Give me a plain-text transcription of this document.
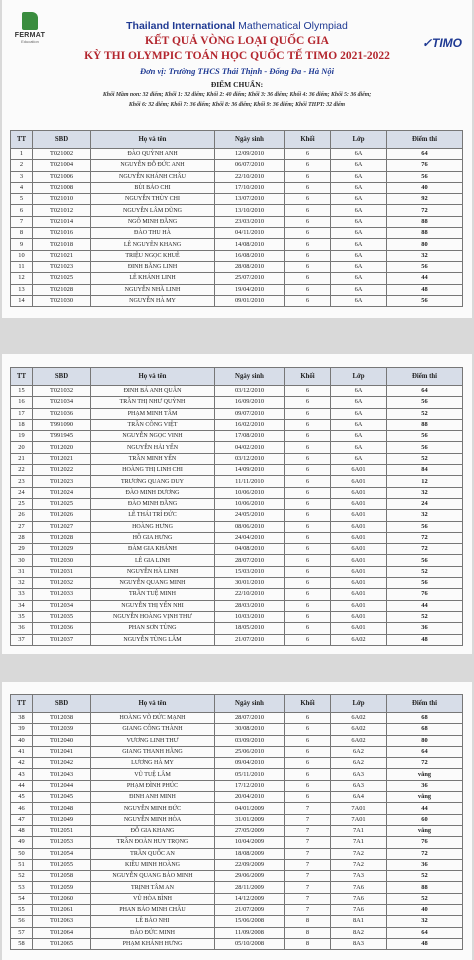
FERMAT
Education
Thailand International Mathematical Olympiad
✓TIMO
KẾT QUẢ VÒNG LOẠI QUỐC GIA
KỲ THI OLYMPIC TOÁN HỌC QUỐC TẾ TIMO 2021-2022
Đơn vị: Trường THCS Thái Thịnh - Đống Đa - Hà Nội
ĐIỂM CHUẨN:
Khối Mầm non: 32 điểm; Khối 1: 32 điểm; Khối 2: 40 điểm; Khối 3: 36 điểm; Khối 4: 36 điểm; Khối 5: 36 điểm;
Khối 6: 32 điểm; Khối 7: 36 điểm; Khối 8: 36 điểm; Khối 9: 36 điểm; Khối THPT: 32 điểm
TT	SBD	Họ và tên	Ngày sinh	Khối	Lớp	Điểm thi
1	T021002	ĐÀO QUỲNH ANH	12/09/2010	6	6A	64
2	T021004	NGUYỄN ĐỖ ĐỨC ANH	06/07/2010	6	6A	76
3	T021006	NGUYỄN KHÁNH CHÂU	22/10/2010	6	6A	56
4	T021008	BÙI BẢO CHI	17/10/2010	6	6A	40
5	T021010	NGUYỄN THÙY CHI	13/07/2010	6	6A	92
6	T021012	NGUYỄN LÂM DŨNG	13/10/2010	6	6A	72
7	T021014	NGÔ MINH ĐĂNG	23/03/2010	6	6A	88
8	T021016	ĐÀO THU HÀ	04/11/2010	6	6A	88
9	T021018	LÊ NGUYÊN KHANG	14/08/2010	6	6A	80
10	T021021	TRIỆU NGỌC KHUÊ	16/08/2010	6	6A	32
11	T021023	ĐINH BẰNG LINH	28/08/2010	6	6A	56
12	T021025	LÊ KHÁNH LINH	25/07/2010	6	6A	44
13	T021028	NGUYỄN NHÃ LINH	19/04/2010	6	6A	48
14	T021030	NGUYỄN HÀ MY	09/01/2010	6	6A	56
TT	SBD	Họ và tên	Ngày sinh	Khối	Lớp	Điểm thi
15	T021032	ĐINH BÁ ANH QUÂN	03/12/2010	6	6A	64
16	T021034	TRẦN THỊ NHƯ QUỲNH	16/09/2010	6	6A	56
17	T021036	PHẠM MINH TÂM	09/07/2010	6	6A	52
18	T991090	TRẦN CÔNG VIỆT	16/02/2010	6	6A	88
19	T991945	NGUYỄN NGỌC VINH	17/08/2010	6	6A	56
20	T012020	NGUYỄN HẢI YẾN	04/02/2010	6	6A	56
21	T012021	TRẦN MINH YẾN	03/12/2010	6	6A	52
22	T012022	HOÀNG THỊ LINH CHI	14/09/2010	6	6A01	84
23	T012023	TRƯƠNG QUANG DUY	11/11/2010	6	6A01	12
24	T012024	ĐÀO MINH DƯƠNG	10/06/2010	6	6A01	32
25	T012025	ĐÀO MINH ĐĂNG	10/06/2010	6	6A01	24
26	T012026	LÊ THÁI TRÍ ĐỨC	24/05/2010	6	6A01	32
27	T012027	HOÀNG HƯNG	08/06/2010	6	6A01	56
28	T012028	HỒ GIA HƯNG	24/04/2010	6	6A01	72
29	T012029	ĐÀM GIA KHÁNH	04/08/2010	6	6A01	72
30	T012030	LÊ GIA LINH	28/07/2010	6	6A01	56
31	T012031	NGUYỄN HÀ LINH	15/03/2010	6	6A01	52
32	T012032	NGUYỄN QUANG MINH	30/01/2010	6	6A01	56
33	T012033	TRẦN TUỆ MINH	22/10/2010	6	6A01	76
34	T012034	NGUYỄN THỊ YẾN NHI	28/03/2010	6	6A01	44
35	T012035	NGUYỄN HOÀNG VỊNH THƯ	10/03/2010	6	6A01	52
36	T012036	PHAN SƠN TÙNG	18/05/2010	6	6A01	36
37	T012037	NGUYỄN TÙNG LÂM	21/07/2010	6	6A02	48
TT	SBD	Họ và tên	Ngày sinh	Khối	Lớp	Điểm thi
38	T012038	HOÀNG VÕ ĐỨC MẠNH	28/07/2010	6	6A02	68
39	T012039	GIANG CÔNG THÀNH	30/08/2010	6	6A02	68
40	T012040	VƯƠNG LINH THƯ	03/09/2010	6	6A02	80
41	T012041	GIANG THANH HẰNG	25/06/2010	6	6A2	64
42	T012042	LƯƠNG HÀ MY	09/04/2010	6	6A2	72
43	T012043	VŨ TUỆ LÂM	05/11/2010	6	6A3	vắng
44	T012044	PHẠM ĐÌNH PHÚC	17/12/2010	6	6A3	36
45	T012045	ĐINH ANH MINH	20/04/2010	6	6A4	vắng
46	T012048	NGUYỄN MINH ĐỨC	04/01/2009	7	7A01	44
47	T012049	NGUYỄN MINH HÒA	31/01/2009	7	7A01	60
48	T012051	ĐỖ GIA KHANG	27/05/2009	7	7A1	vắng
49	T012053	TRẦN ĐOÀN HUY TRỌNG	10/04/2009	7	7A1	76
50	T012054	TRẦN QUỐC AN	18/08/2009	7	7A2	72
51	T012055	KIỀU MINH HOÀNG	22/09/2009	7	7A2	36
52	T012058	NGUYỄN QUANG BẢO MINH	29/06/2009	7	7A3	52
53	T012059	TRỊNH TÂM AN	28/11/2009	7	7A6	88
54	T012060	VŨ HÒA BÌNH	14/12/2009	7	7A6	52
55	T012061	PHAN BẢO MINH CHÂU	21/07/2009	7	7A6	40
56	T012063	LÊ BẢO NHI	15/06/2008	8	8A1	32
57	T012064	ĐÀO ĐỨC MINH	11/09/2008	8	8A2	64
58	T012065	PHẠM KHÁNH HƯNG	05/10/2008	8	8A3	48
